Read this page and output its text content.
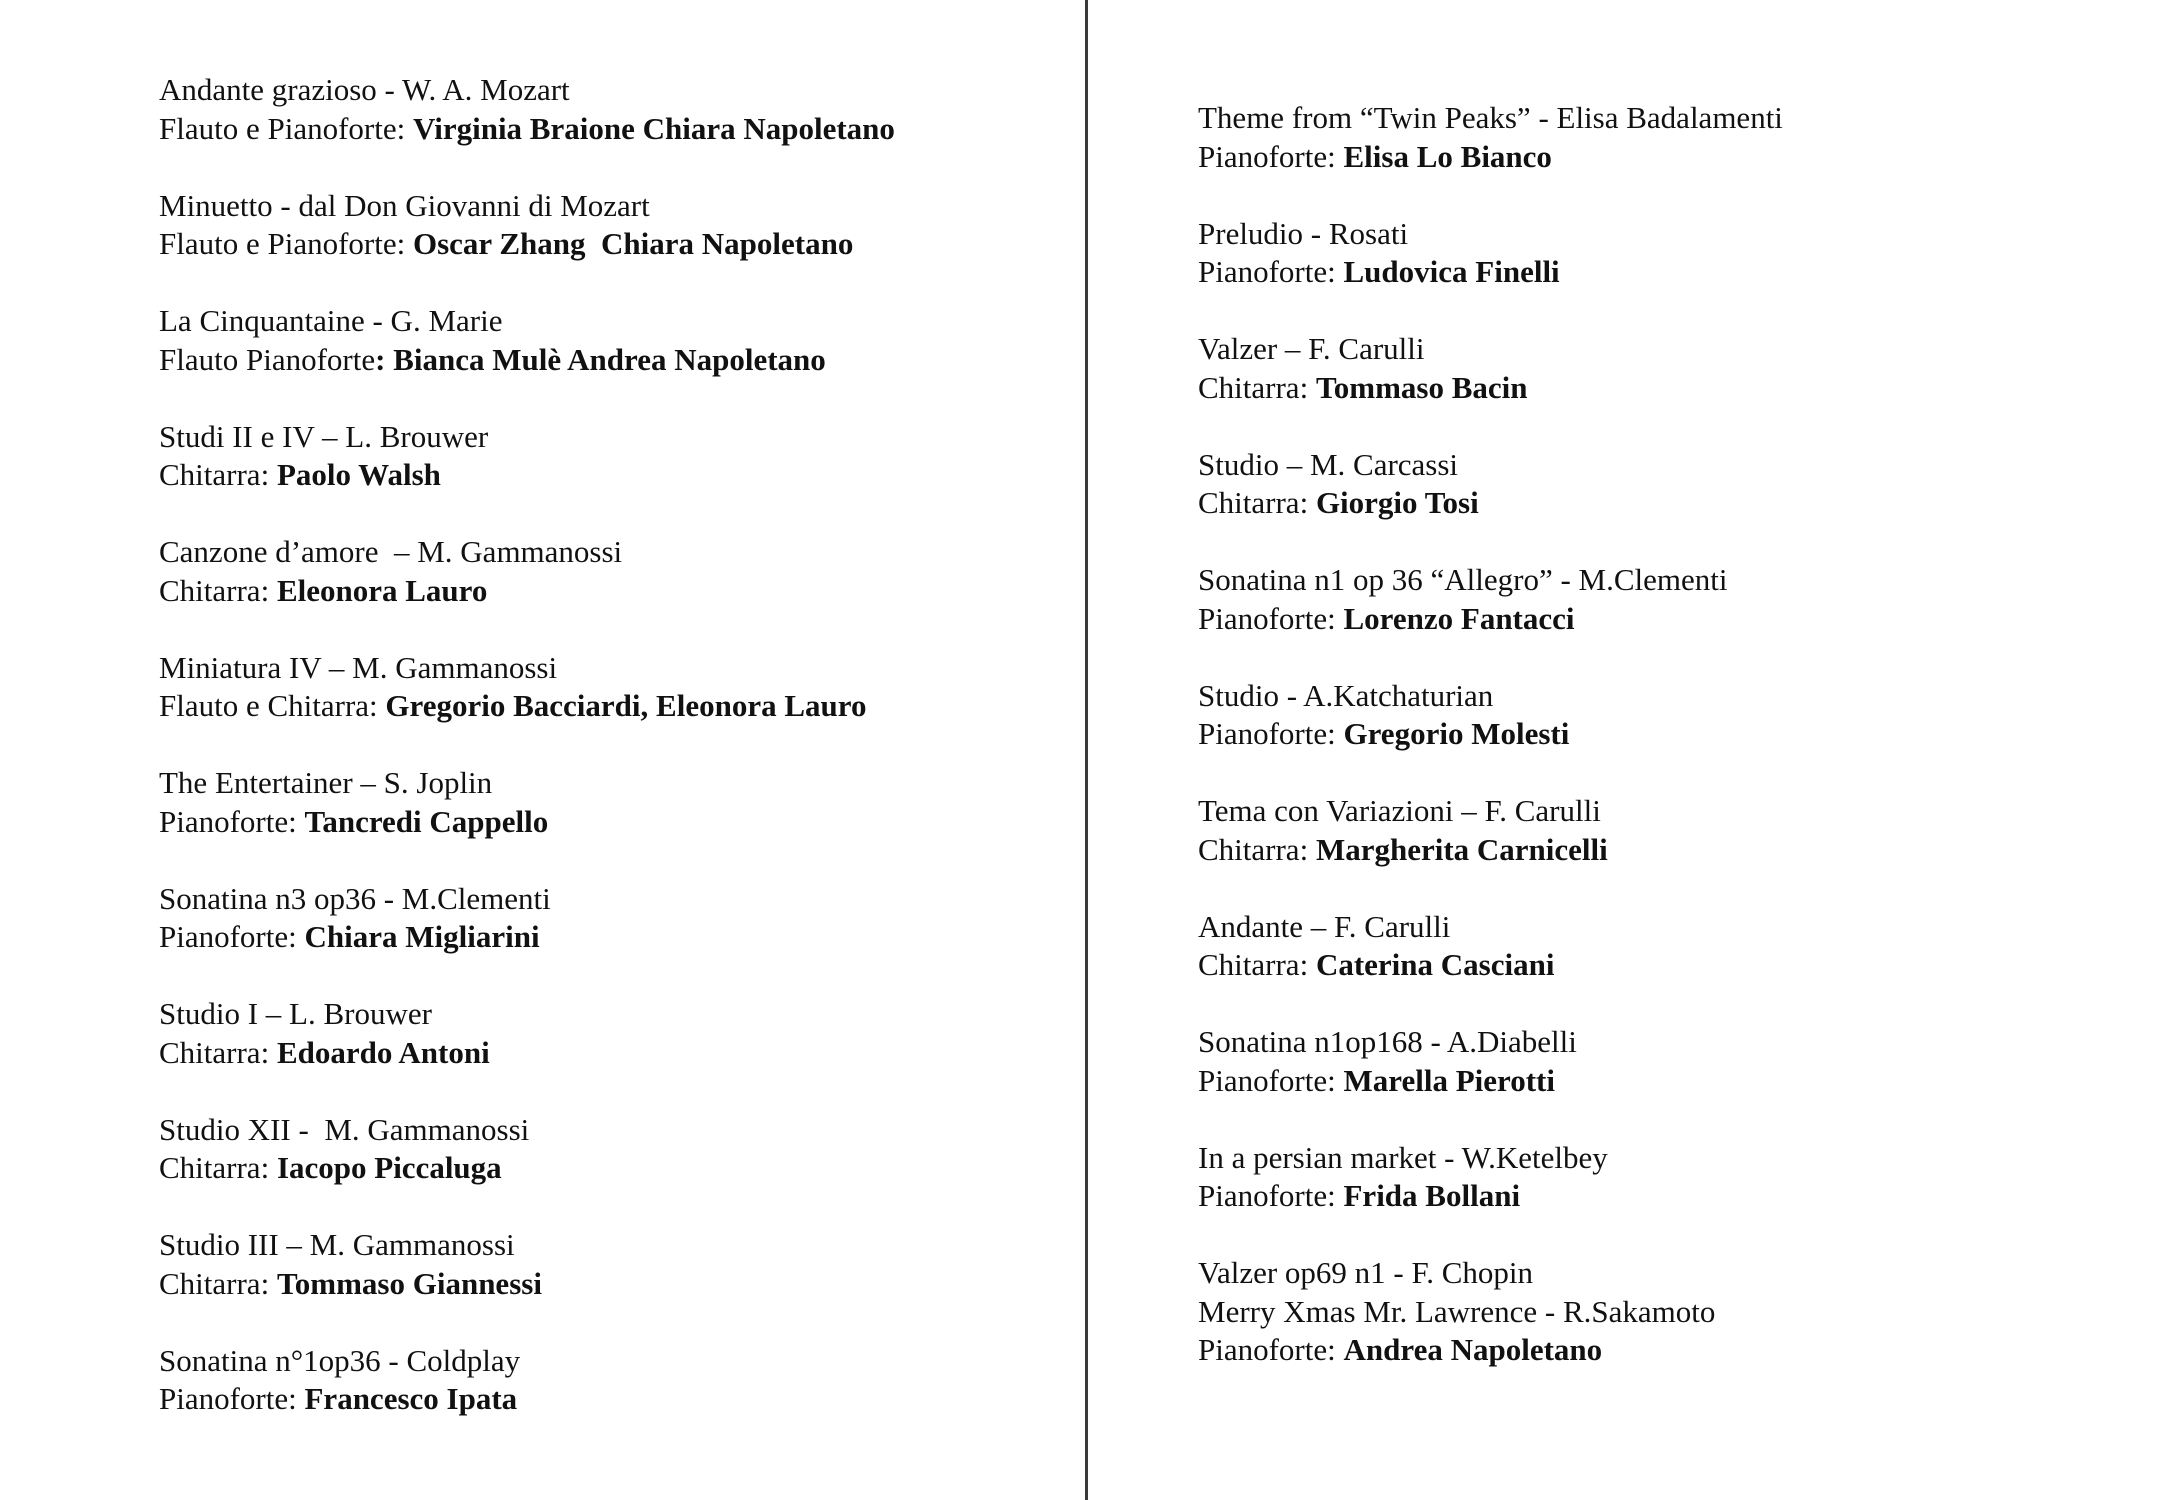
Andante grazioso - W. A. Mozart
Flauto e Pianoforte: Virginia Braione Chiara Napoletano
Minuetto - dal Don Giovanni di Mozart
Flauto e Pianoforte: Oscar Zhang  Chiara Napoletano
La Cinquantaine - G. Marie
Flauto Pianoforte: Bianca Mulè Andrea Napoletano
Studi II e IV – L. Brouwer
Chitarra: Paolo Walsh
Canzone d’amore  – M. Gammanossi
Chitarra: Eleonora Lauro
Miniatura IV – M. Gammanossi
Flauto e Chitarra: Gregorio Bacciardi, Eleonora Lauro
The Entertainer – S. Joplin
Pianoforte: Tancredi Cappello
Sonatina n3 op36 - M.Clementi
Pianoforte: Chiara Migliarini
Studio I – L. Brouwer
Chitarra: Edoardo Antoni
Studio XII -  M. Gammanossi
Chitarra: Iacopo Piccaluga
Studio III – M. Gammanossi
Chitarra: Tommaso Giannessi
Sonatina n°1op36 - Coldplay
Pianoforte: Francesco Ipata
Theme from “Twin Peaks” - Elisa Badalamenti
Pianoforte: Elisa Lo Bianco
Preludio - Rosati
Pianoforte: Ludovica Finelli
Valzer – F. Carulli
Chitarra: Tommaso Bacin
Studio – M. Carcassi
Chitarra: Giorgio Tosi
Sonatina n1 op 36 “Allegro” - M.Clementi
Pianoforte: Lorenzo Fantacci
Studio - A.Katchaturian
Pianoforte: Gregorio Molesti
Tema con Variazioni – F. Carulli
Chitarra: Margherita Carnicelli
Andante – F. Carulli
Chitarra: Caterina Casciani
Sonatina n1op168 - A.Diabelli
Pianoforte: Marella Pierotti
In a persian market - W.Ketelbey
Pianoforte: Frida Bollani
Valzer op69 n1 - F. Chopin
Merry Xmas Mr. Lawrence - R.Sakamoto
Pianoforte: Andrea Napoletano
